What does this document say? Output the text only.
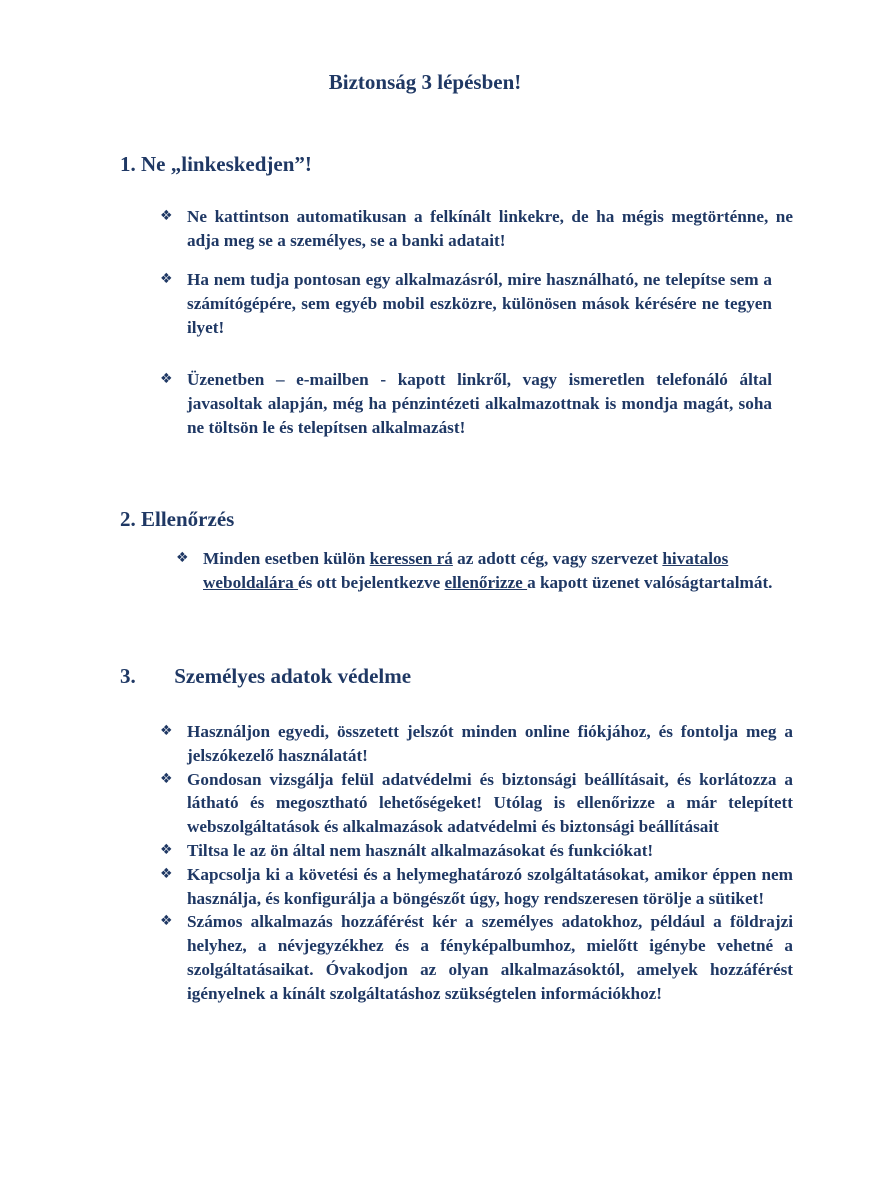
Biztonság 3 lépésben!
1. Ne „linkeskedjen”!
❖ Ne kattintson automatikusan a felkínált linkekre, de ha mégis megtörténne, ne adja meg se a személyes, se a banki adatait!
❖ Ha nem tudja pontosan egy alkalmazásról, mire használható, ne telepítse sem a számítógépére, sem egyéb mobil eszközre, különösen mások kérésére ne tegyen ilyet!
❖ Üzenetben – e-mailben - kapott linkről, vagy ismeretlen telefonáló által javasoltak alapján, még ha pénzintézeti alkalmazottnak is mondja magát, soha ne töltsön le és telepítsen alkalmazást!
2. Ellenőrzés
❖ Minden esetben külön keressen rá az adott cég, vagy szervezet hivatalos weboldalára és ott bejelentkezve ellenőrizze a kapott üzenet valóságtartalmát.
3. Személyes adatok védelme
❖ Használjon egyedi, összetett jelszót minden online fiókjához, és fontolja meg a jelszókezelő használatát!
❖ Gondosan vizsgálja felül adatvédelmi és biztonsági beállításait, és korlátozza a látható és megosztható lehetőségeket! Utólag is ellenőrizze a már telepített webszolgáltatások és alkalmazások adatvédelmi és biztonsági beállításait
❖ Tiltsa le az ön által nem használt alkalmazásokat és funkciókat!
❖ Kapcsolja ki a követési és a helymeghatározó szolgáltatásokat, amikor éppen nem használja, és konfigurálja a böngészőt úgy, hogy rendszeresen törölje a sütiket!
❖ Számos alkalmazás hozzáférést kér a személyes adatokhoz, például a földrajzi helyhez, a névjegyzékhez és a fényképalbumhoz, mielőtt igénybe vehetné a szolgáltatásaikat. Óvakodjon az olyan alkalmazásoktól, amelyek hozzáférést igényelnek a kínált szolgáltatáshoz szükségtelen információkhoz!
